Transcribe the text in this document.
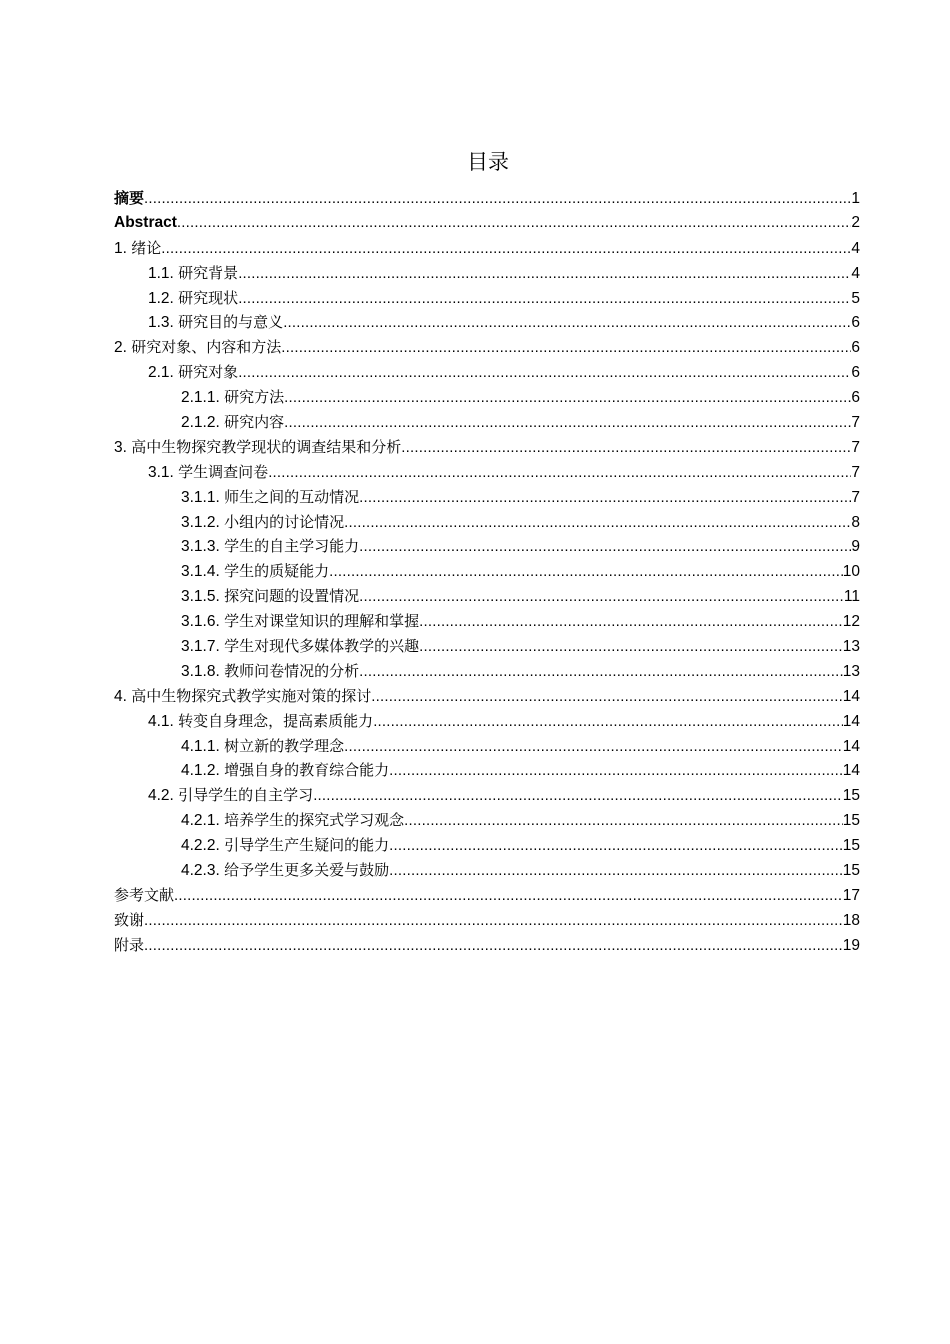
目录
摘要 .....	1
Abstract .....	2
1. 绪论 .....	4
1.1. 研究背景 .....	4
1.2. 研究现状 .....	5
1.3. 研究目的与意义 .....	6
2. 研究对象、内容和方法 .....	6
2.1. 研究对象 .....	6
2.1.1. 研究方法 .....	6
2.1.2. 研究内容 .....	7
3. 高中生物探究教学现状的调查结果和分析 .....	7
3.1. 学生调查问卷 .....	7
3.1.1. 师生之间的互动情况 .....	7
3.1.2. 小组内的讨论情况 .....	8
3.1.3. 学生的自主学习能力 .....	9
3.1.4. 学生的质疑能力 .....	10
3.1.5. 探究问题的设置情况 .....	11
3.1.6. 学生对课堂知识的理解和掌握 .....	12
3.1.7. 学生对现代多媒体教学的兴趣 .....	13
3.1.8. 教师问卷情况的分析 .....	13
4. 高中生物探究式教学实施对策的探讨 .....	14
4.1. 转变自身理念，提高素质能力 .....	14
4.1.1. 树立新的教学理念 .....	14
4.1.2. 增强自身的教育综合能力 .....	14
4.2. 引导学生的自主学习 .....	15
4.2.1. 培养学生的探究式学习观念 .....	15
4.2.2. 引导学生产生疑问的能力 .....	15
4.2.3. 给予学生更多关爱与鼓励 .....	15
参考文献 .....	17
致谢 .....	18
附录 .....	19
